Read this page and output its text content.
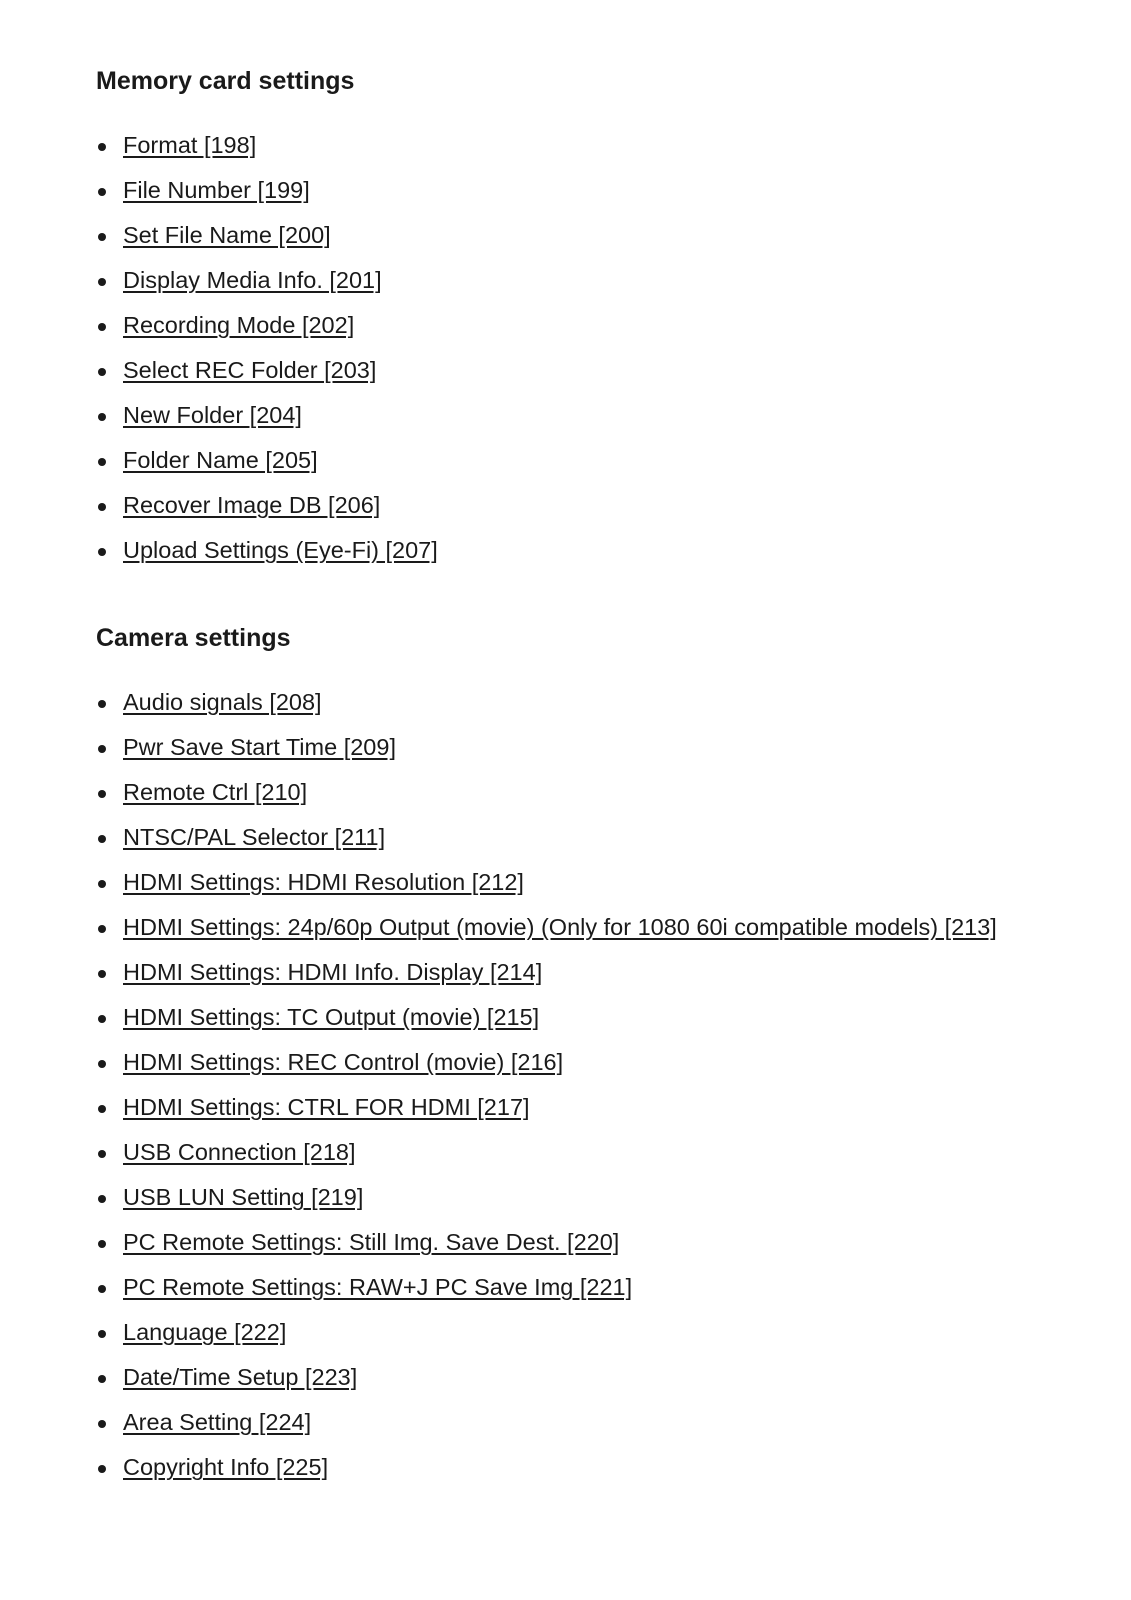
Memory card settings
Format [198]
File Number [199]
Set File Name [200]
Display Media Info. [201]
Recording Mode [202]
Select REC Folder [203]
New Folder [204]
Folder Name [205]
Recover Image DB [206]
Upload Settings (Eye-Fi) [207]
Camera settings
Audio signals [208]
Pwr Save Start Time [209]
Remote Ctrl [210]
NTSC/PAL Selector [211]
HDMI Settings: HDMI Resolution [212]
HDMI Settings: 24p/60p Output (movie) (Only for 1080 60i compatible models) [213]
HDMI Settings: HDMI Info. Display [214]
HDMI Settings: TC Output (movie) [215]
HDMI Settings: REC Control (movie) [216]
HDMI Settings: CTRL FOR HDMI [217]
USB Connection [218]
USB LUN Setting [219]
PC Remote Settings: Still Img. Save Dest. [220]
PC Remote Settings: RAW+J PC Save Img [221]
Language [222]
Date/Time Setup [223]
Area Setting [224]
Copyright Info [225]
